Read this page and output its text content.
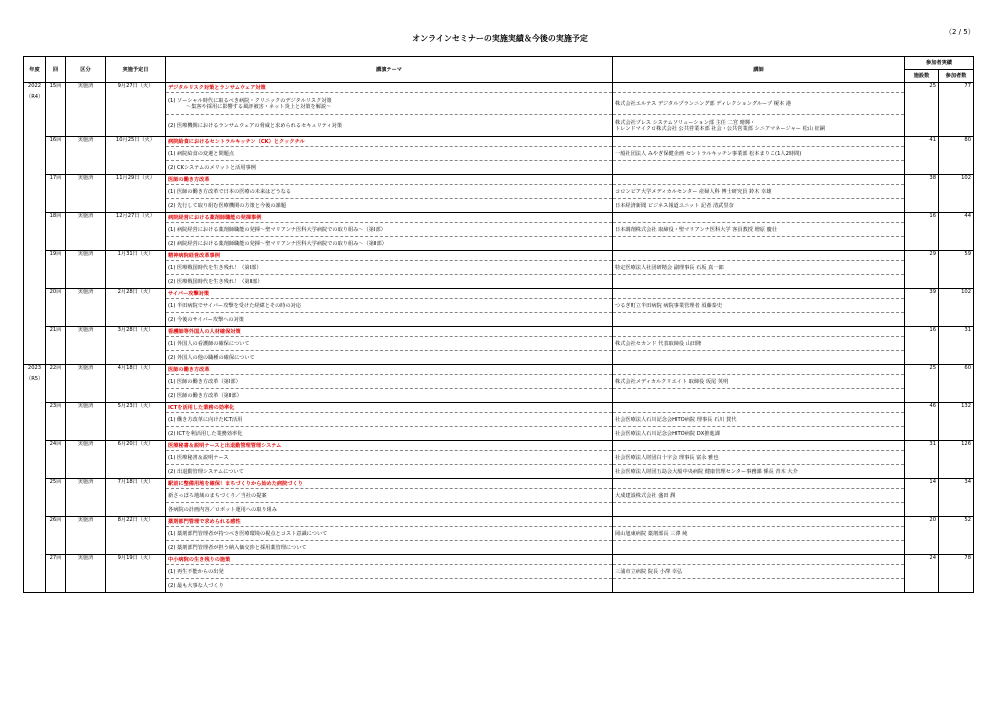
オンラインセミナーの実施実績＆今後の実施予定
（2 / 5）
年度	回	区分	実施予定日	講演テーマ	講師	参加者実績	
						施設数	参加者数

2022
（R4）	15回	実施済	9月27日（火）	デジタルリスク対策とランサムウェア対策		25	77

				(1) ソーシャル時代に取るべき病院・クリニックのデジタルリスク対策
～集客や採用に影響する風評被害・ネット炎上と対策を解説～	株式会社エルテス デジタルプランニング部 ディレクショングループ 榎本 港		

				(2) 医療機関におけるランサムウェアの脅威と求められるセキュリティ対策	株式会社プレス システムソリューション部 主任 二宮 晴輝・
トレンドマイクロ株式会社 公共営業本部 社会・公共営業部 シニアマネージャー 松山 征嗣		

	16回	実施済	10月25日（火）	病院給食におけるセントラルキッチン（CK）とクックチル		41	80

				(1) 病院給食の変遷と問題点	一般社団法人 みやぎ保健企画 セントラルキッチン事業部 松本まりこ(1人2時間)		

				(2) CKシステムのメリットと活用事例			

	17回	実施済	11月29日（火）	医師の働き方改革		38	102

				(1) 医師の働き方改革で日本の医療の未来はどうなる	コロンビア大学メディカルセンター 産婦人科 博士研究員 鈴木 幸雄		

				(2) 先行して取り組む医療機関の方策と今後の課題	日本経済新聞 ビジネス報道ユニット 記者 清武里奈		

	18回	実施済	12月27日（火）	病院経営における薬剤師職能の発揮事例		16	44

				(1) 病院経営における薬剤師職能の発揮～聖マリアンナ医科大学病院での取り組み～（第Ⅰ部）	日本調剤株式会社 取締役・聖マリアンナ医科大学 客員教授 増原 慶壮		

				(2) 病院経営における薬剤師職能の発揮～聖マリアンナ医科大学病院での取り組み～（第Ⅱ部）			

	19回	実施済	1月31日（火）	精神病院経営改革事例		29	59

				(1) 医療戦国時代を生き残れ！（第Ⅰ部）	特定医療法人社団研精会 副理事長 石坂 真一郎		

				(2) 医療戦国時代を生き残れ！（第Ⅱ部）			

	20回	実施済	2月28日（火）	サイバー攻撃対策		39	102

				(1) 半田病院でサイバー攻撃を受けた経緯とその時の対応	つるぎ町立半田病院 病院事業管理者 須藤泰史		

				(2) 今後のサイバー攻撃への対策			

	21回	実施済	3月28日（火）	看護師等外国人の人材確保対策		16	31

				(1) 外国人の看護師の確保について	株式会社セカンド 代表取締役 山田隆		

				(2) 外国人の他の職種の確保について			

2023
（R5）	22回	実施済	4月18日（火）	医師の働き方改革		25	60

				(1) 医師の働き方改革（第Ⅰ部）	株式会社メディカルクリエイト 取締役 坂尾 英明		

				(2) 医師の働き方改革（第Ⅱ部）			

	23回	実施済	5月23日（火）	ICTを活用した業務の効率化		46	132

				(1) 働き方改革に向けたICT活用	社会医療法人石川記念会HITO病院 理事長 石川 賀代		

				(2) ICTを利活用した業務効率化	社会医療法人石川記念会HITO病院 DX推進課		

	24回	実施済	6月20日（火）	医療秘書＆説明ナースと出退勤管理管理システム		31	126

				(1) 医療秘書＆説明ナース	社会医療法人財団白十字会 理事長 富永 雅也		

				(2) 出退勤管理システムについて	社会医療法人財団五島会大船中央病院 健康管理センター事務課 係長 青木 大介		

	25回	実施済	7月18日（火）	駅前に整備用地を確保！まちづくりから始めた病院づくり		14	34

				新さっぽろ地域のまちづくり／当社の提案	大成建設株式会社 盛田 潤		

				各病院の計画内容／ロボット運用への取り組み			

	26回	実施済	8月22日（火）	薬剤部門管理で求められる感性		20	52

				(1) 薬剤部門管理者が持つべき医療環境の視点とコスト意識について	岡山旭東病院 薬剤部長 三澤 純		

				(2) 薬剤部門管理者が担う納入価交渉と採用薬管理について			

	27回	実施済	9月19日（火）	中小病院の生き残りの施策		24	78

				(1) 再生不能からの出発	三浦市立病院 院長 小澤 幸弘		

				(2) 最も大事な人づくり			
